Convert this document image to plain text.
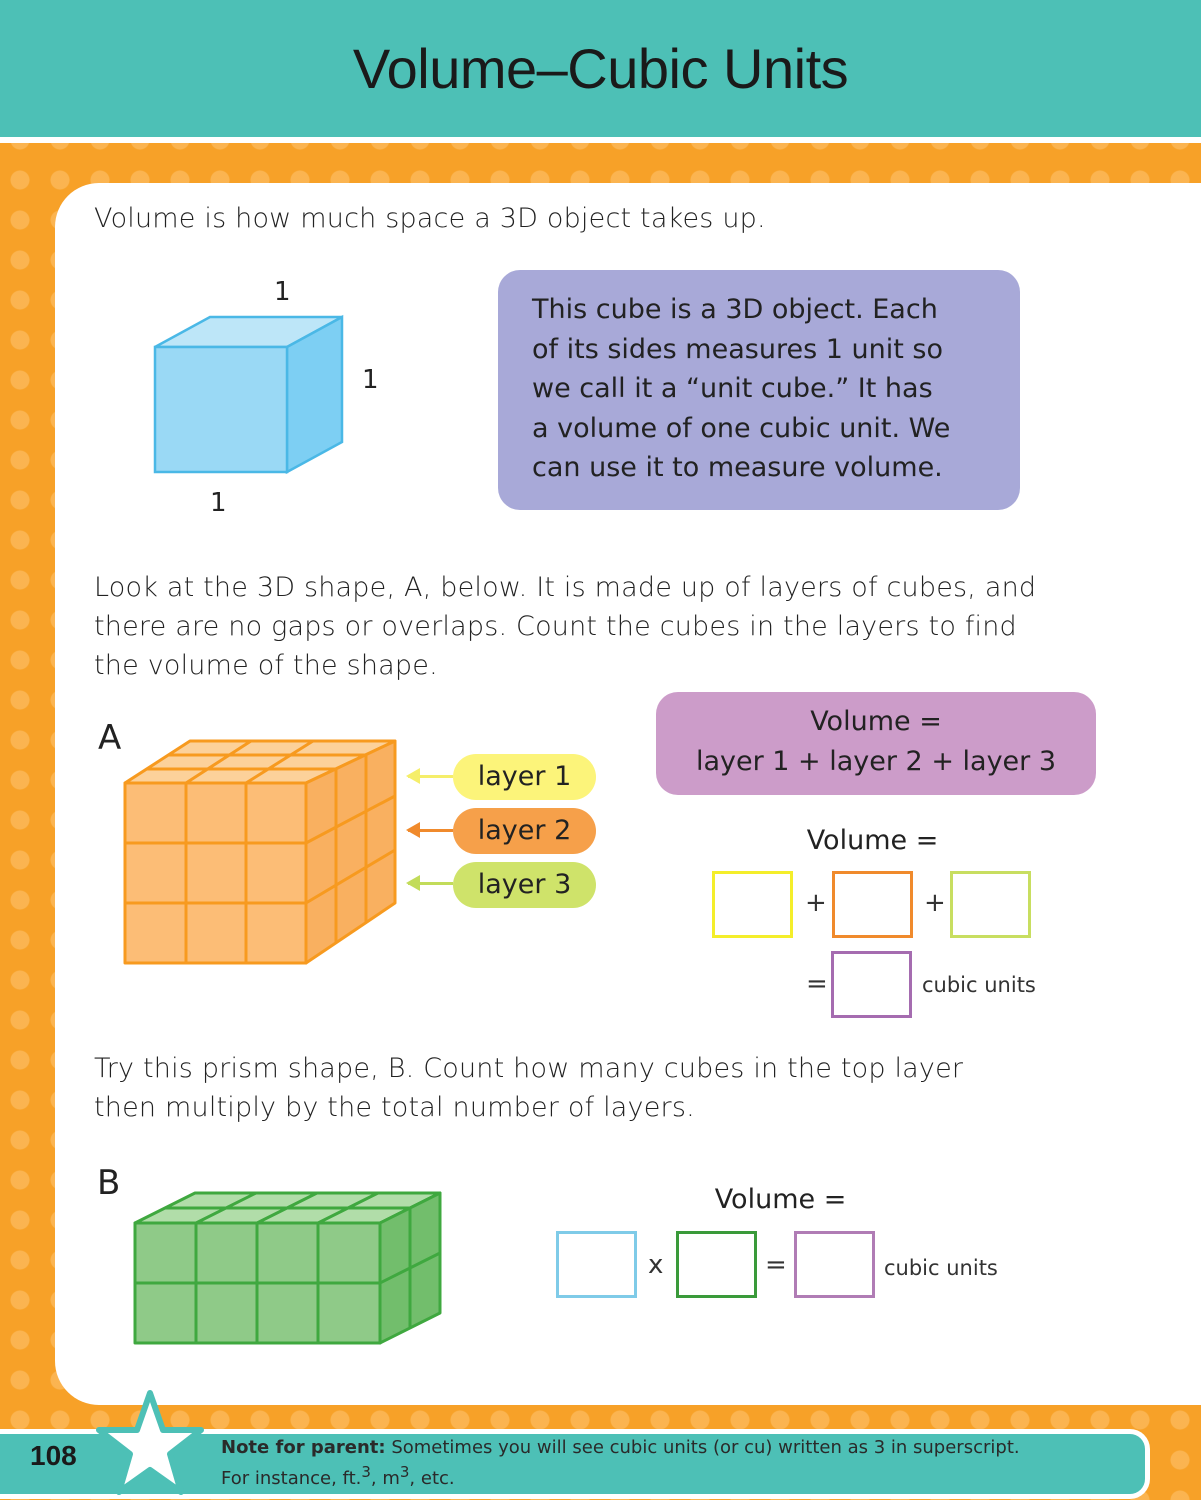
Volume–Cubic Units
Volume is how much space a 3D object takes up.
1
1
1
This cube is a 3D object. Each
of its sides measures 1 unit so
we call it a “unit cube.” It has
a volume of one cubic unit. We
can use it to measure volume.
Look at the 3D shape, A, below. It is made up of layers of cubes, and
there are no gaps or overlaps. Count the cubes in the layers to find
the volume of the shape.
A
layer 1
layer 2
layer 3
Volume =
layer 1 + layer 2 + layer 3
Volume =
+	+
=	cubic units
Try this prism shape, B. Count how many cubes in the top layer
then multiply by the total number of layers.
B	Volume =
x	=	cubic units
108	Note for parent: Sometimes you will see cubic units (or cu) written as 3 in superscript.
For instance, ft.$^3$, $m^3$, etc.
